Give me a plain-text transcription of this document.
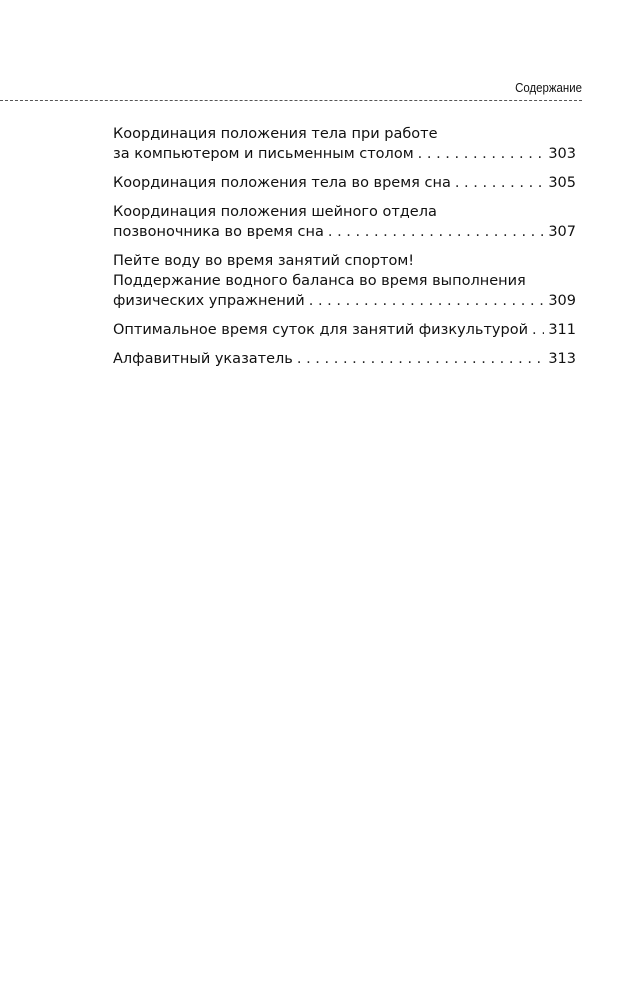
Содержание
Координация положения тела при работе
за компьютером и письменным столом . . .	303
Координация положения тела во время сна . . .	305
Координация положения шейного отдела
позвоночника во время сна . . .	307
Пейте воду во время занятий спортом!
Поддержание водного баланса во время выполнения
физических упражнений . . .	309
Оптимальное время суток для занятий физкультурой . . . 311
Алфавитный указатель . . .	313
